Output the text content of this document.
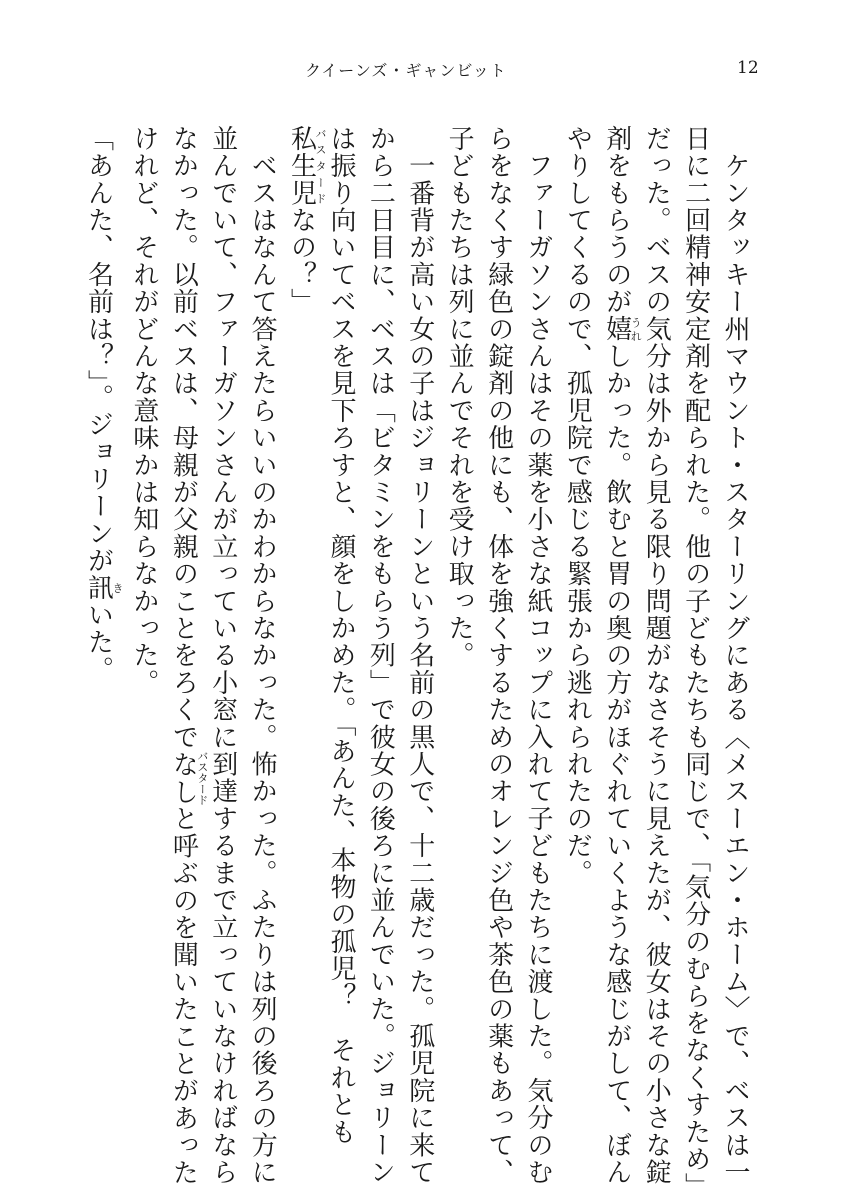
クイーンズ・ギャンビット	12

　ケンタッキー州マウント・スターリングにある〈メスーエン・ホーム〉で、ベスは一
日に二回精神安定剤を配られた。他の子どもたちも同じで、「気分のむらをなくすため」
だった。ベスの気分は外から見る限り問題がなさそうに見えたが、彼女はその小さな錠
剤をもらうのが嬉うれしかった。飲むと胃の奥の方がほぐれていくような感じがして、ぼん
やりしてくるので、孤児院で感じる緊張から逃れられたのだ。

　ファーガソンさんはその薬を小さな紙コップに入れて子どもたちに渡した。気分のむ
らをなくす緑色の錠剤の他にも、体を強くするためのオレンジ色や茶色の薬もあって、
子どもたちは列に並んでそれを受け取った。

　一番背が高い女の子はジョリーンという名前の黒人で、十二歳だった。孤児院に来て
から二日目に、ベスは「ビタミンをもらう列」で彼女の後ろに並んでいた。ジョリーン
は振り向いてベスを見下ろすと、顔をしかめた。「あんた、本物の孤児？　それとも
私生児バスタードなの？」

　ベスはなんて答えたらいいのかわからなかった。怖かった。ふたりは列の後ろの方に
並んでいて、ファーガソンさんが立っている小窓に到達するまで立っていなければなら
なかった。以前ベスは、母親が父親のことをろくでなしバスタードと呼ぶのを聞いたことがあった
けれど、それがどんな意味かは知らなかった。

「あんた、名前は？」。ジョリーンが訊きいた。
